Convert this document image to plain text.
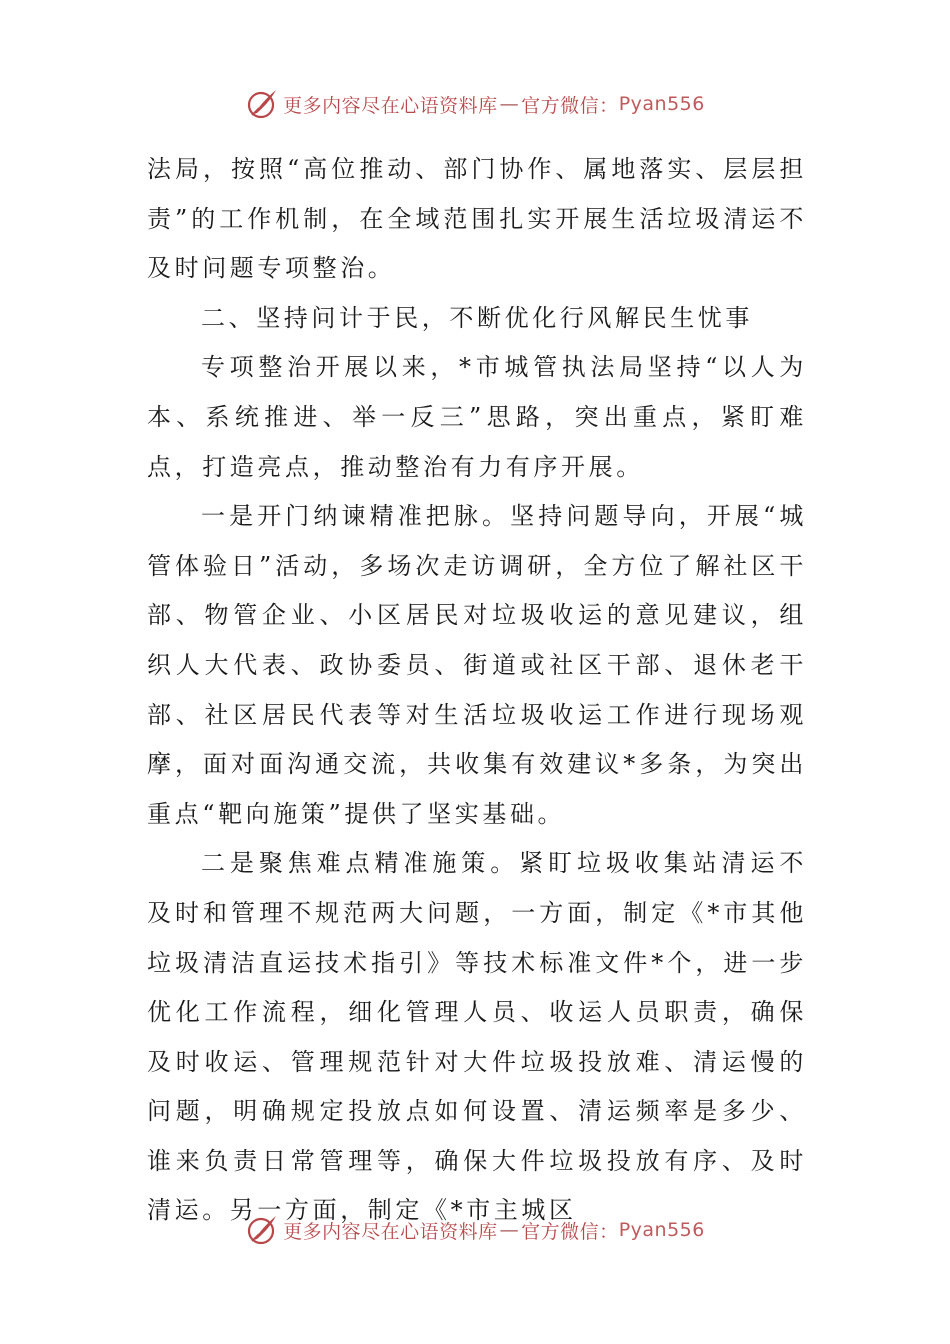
更多内容尽在心语资料库 — 官方微信： Pyan556

法局，按照“高位推动、部门协作、属地落实、层层担责”的工作机制，在全域范围扎实开展生活垃圾清运不及时问题专项整治。

二、坚持问计于民，不断优化行风解民生忧事

专项整治开展以来，*市城管执法局坚持“以人为本、系统推进、举一反三”思路，突出重点，紧盯难点，打造亮点，推动整治有力有序开展。

一是开门纳谏精准把脉。坚持问题导向，开展“城管体验日”活动，多场次走访调研，全方位了解社区干部、物管企业、小区居民对垃圾收运的意见建议，组织人大代表、政协委员、街道或社区干部、退休老干部、社区居民代表等对生活垃圾收运工作进行现场观摩，面对面沟通交流，共收集有效建议*多条，为突出重点“靶向施策”提供了坚实基础。

二是聚焦难点精准施策。紧盯垃圾收集站清运不及时和管理不规范两大问题，一方面，制定《*市其他垃圾清洁直运技术指引》等技术标准文件*个，进一步优化工作流程，细化管理人员、收运人员职责，确保及时收运、管理规范针对大件垃圾投放难、清运慢的问题，明确规定投放点如何设置、清运频率是多少、谁来负责日常管理等，确保大件垃圾投放有序、及时清运。另一方面，制定《*市主城区

更多内容尽在心语资料库 — 官方微信： Pyan556
